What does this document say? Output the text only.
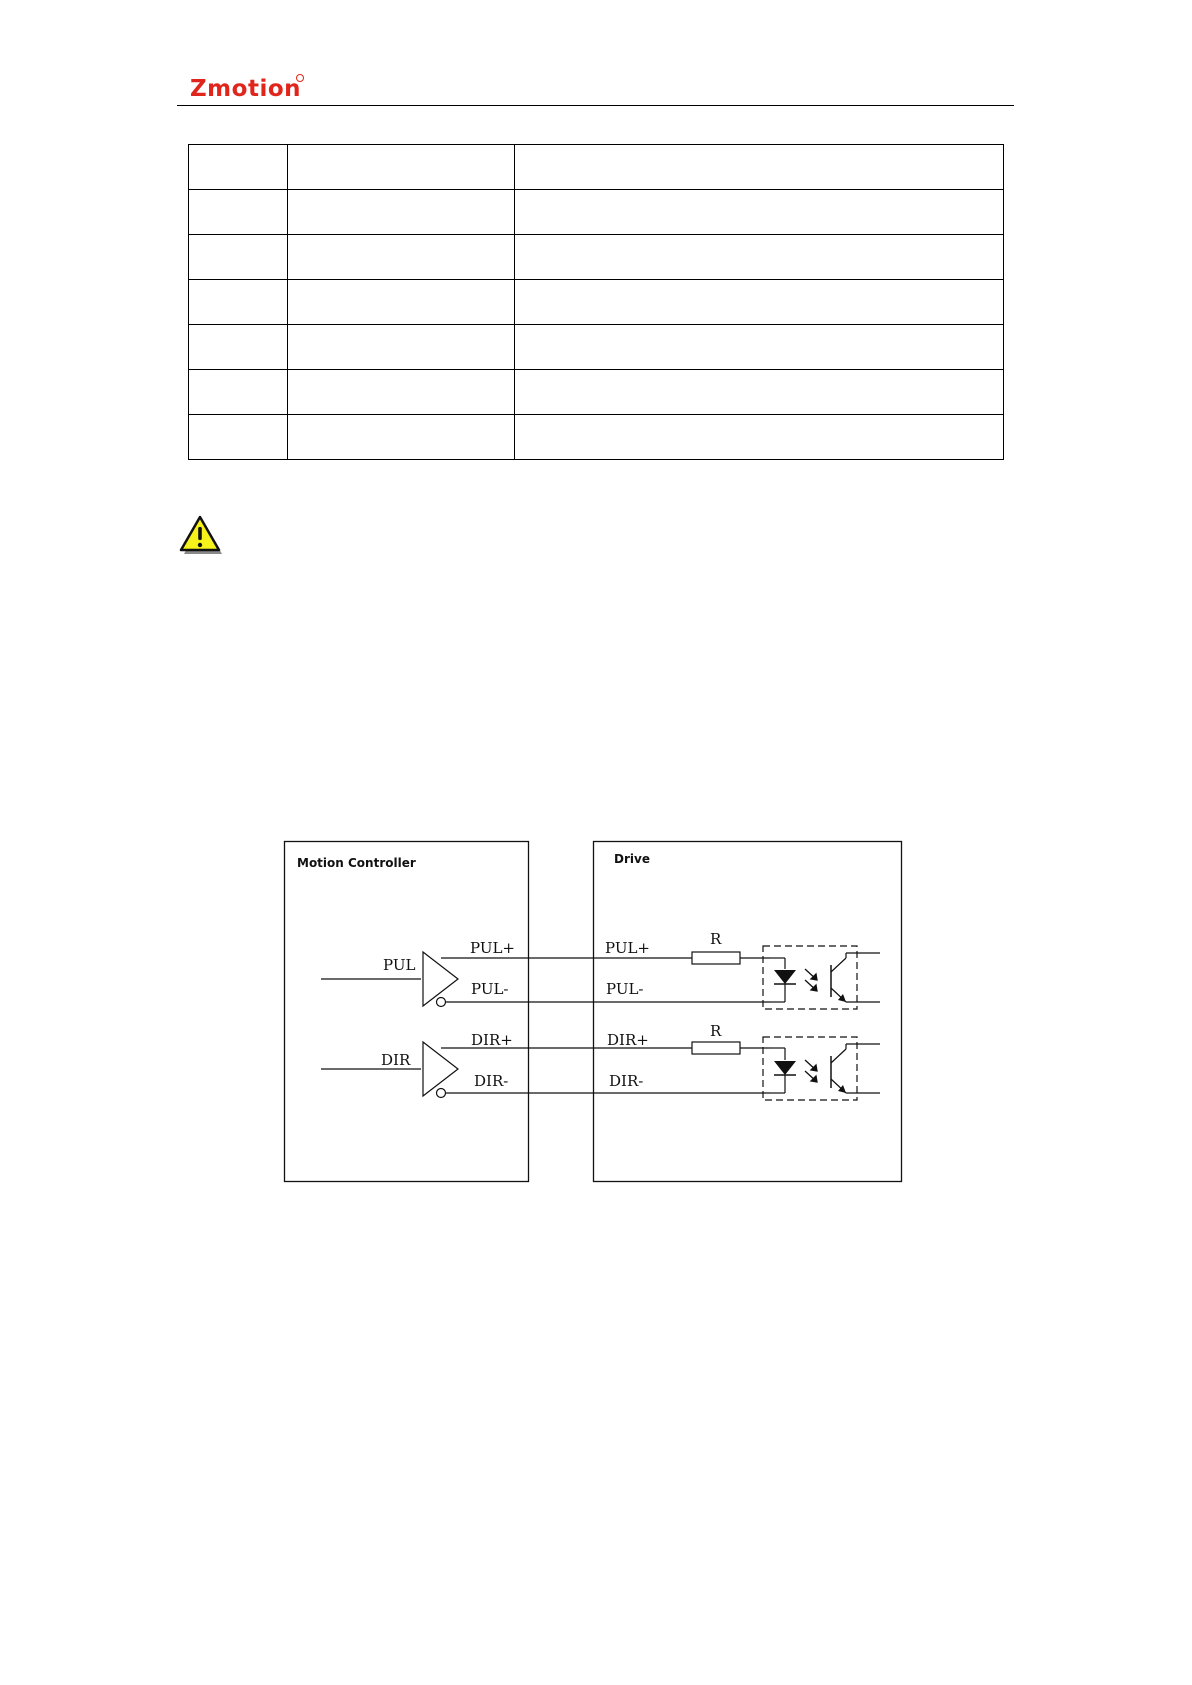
Zmotion

Motion Controller	Drive
PUL
PUL+
PUL-
DIR
DIR+
DIR-
PUL+
PUL-
R
DIR+
DIR-
R
